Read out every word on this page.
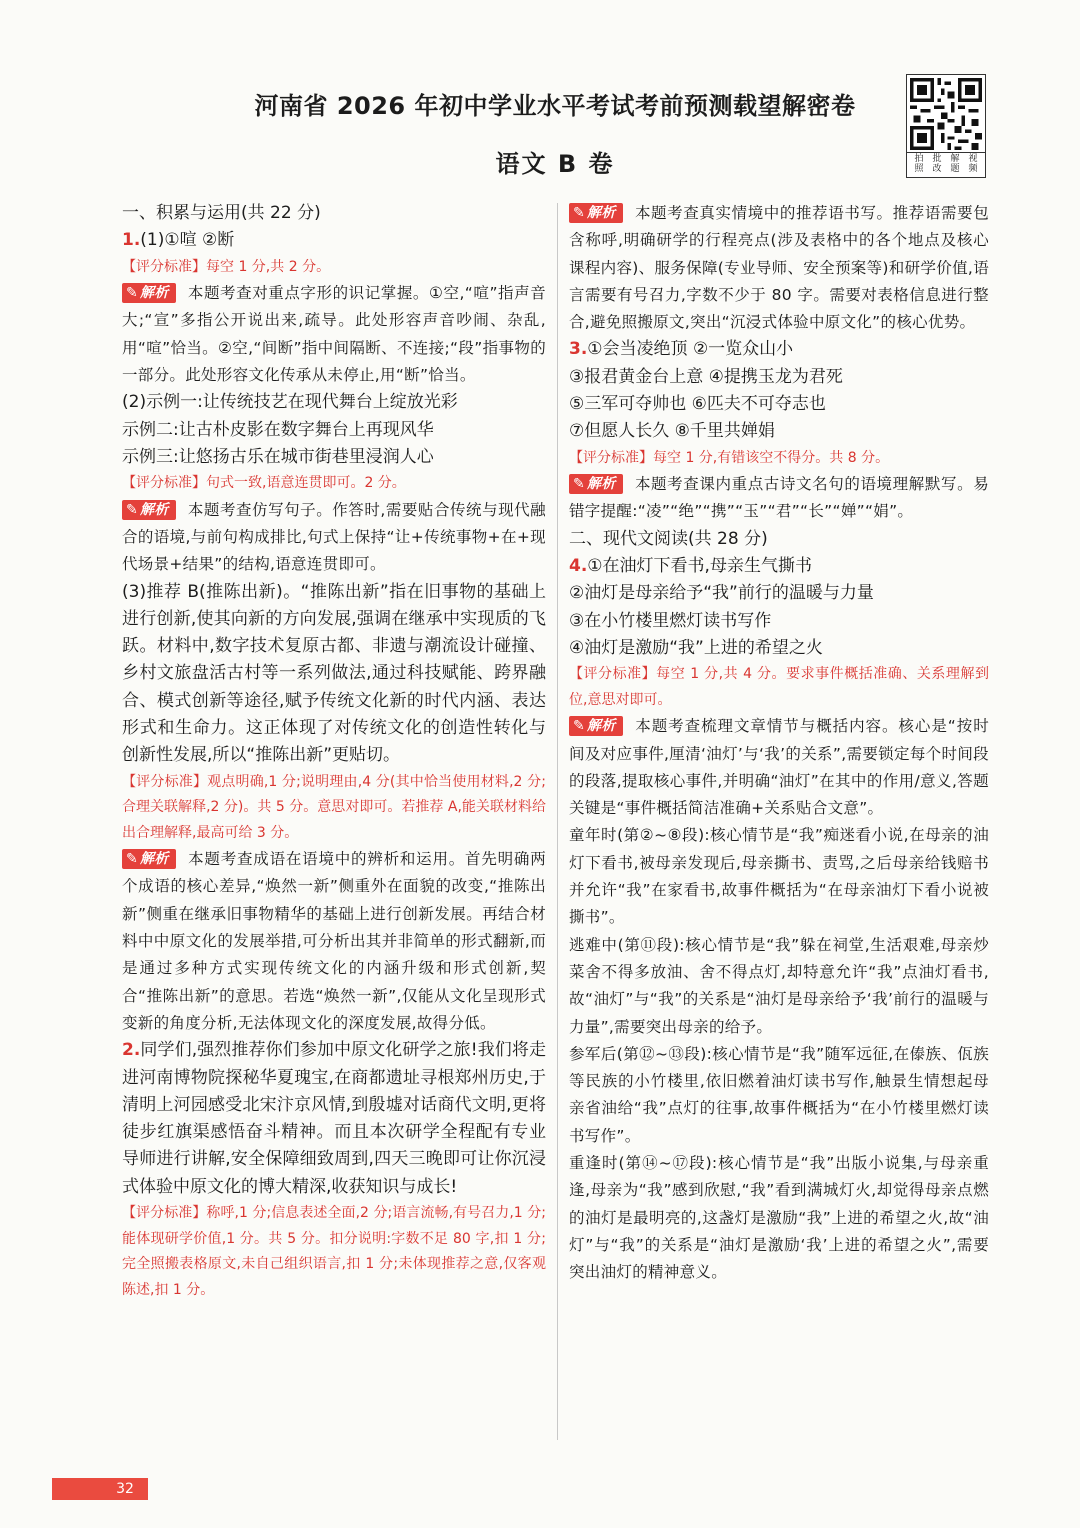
河南省 2026 年初中学业水平考试考前预测载望解密卷
语文 B 卷	拍照
批改
解题
视频

一、积累与运用(共 22 分)

1.(1)①喧 ②断

【评分标准】每空 1 分,共 2 分。

✎ 解析 本题考查对重点字形的识记掌握。①空,“喧”指声音大;“宣”多指公开说出来,疏导。此处形容声音吵闹、杂乱,用“喧”恰当。②空,“间断”指中间隔断、不连接;“段”指事物的一部分。此处形容文化传承从未停止,用“断”恰当。

(2)示例一:让传统技艺在现代舞台上绽放光彩

示例二:让古朴皮影在数字舞台上再现风华

示例三:让悠扬古乐在城市街巷里浸润人心

【评分标准】句式一致,语意连贯即可。2 分。

✎ 解析 本题考查仿写句子。作答时,需要贴合传统与现代融合的语境,与前句构成排比,句式上保持“让+传统事物+在+现代场景+结果”的结构,语意连贯即可。

(3)推荐 B(推陈出新)。“推陈出新”指在旧事物的基础上进行创新,使其向新的方向发展,强调在继承中实现质的飞跃。材料中,数字技术复原古都、非遗与潮流设计碰撞、乡村文旅盘活古村等一系列做法,通过科技赋能、跨界融合、模式创新等途径,赋予传统文化新的时代内涵、表达形式和生命力。这正体现了对传统文化的创造性转化与创新性发展,所以“推陈出新”更贴切。

【评分标准】观点明确,1 分;说明理由,4 分(其中恰当使用材料,2 分;合理关联解释,2 分)。共 5 分。意思对即可。若推荐 A,能关联材料给出合理解释,最高可给 3 分。

✎ 解析 本题考查成语在语境中的辨析和运用。首先明确两个成语的核心差异,“焕然一新”侧重外在面貌的改变,“推陈出新”侧重在继承旧事物精华的基础上进行创新发展。再结合材料中中原文化的发展举措,可分析出其并非简单的形式翻新,而是通过多种方式实现传统文化的内涵升级和形式创新,契合“推陈出新”的意思。若选“焕然一新”,仅能从文化呈现形式变新的角度分析,无法体现文化的深度发展,故得分低。

2.同学们,强烈推荐你们参加中原文化研学之旅!我们将走进河南博物院探秘华夏瑰宝,在商都遗址寻根郑州历史,于清明上河园感受北宋汴京风情,到殷墟对话商代文明,更将徒步红旗渠感悟奋斗精神。而且本次研学全程配有专业导师进行讲解,安全保障细致周到,四天三晚即可让你沉浸式体验中原文化的博大精深,收获知识与成长!

【评分标准】称呼,1 分;信息表述全面,2 分;语言流畅,有号召力,1 分;能体现研学价值,1 分。共 5 分。扣分说明:字数不足 80 字,扣 1 分;完全照搬表格原文,未自己组织语言,扣 1 分;未体现推荐之意,仅客观陈述,扣 1 分。

✎ 解析 本题考查真实情境中的推荐语书写。推荐语需要包含称呼,明确研学的行程亮点(涉及表格中的各个地点及核心课程内容)、服务保障(专业导师、安全预案等)和研学价值,语言需要有号召力,字数不少于 80 字。需要对表格信息进行整合,避免照搬原文,突出“沉浸式体验中原文化”的核心优势。

3.①会当凌绝顶 ②一览众山小

③报君黄金台上意 ④提携玉龙为君死

⑤三军可夺帅也 ⑥匹夫不可夺志也

⑦但愿人长久 ⑧千里共婵娟

【评分标准】每空 1 分,有错该空不得分。共 8 分。

✎ 解析 本题考查课内重点古诗文名句的语境理解默写。易错字提醒:“凌”“绝”“携”“玉”“君”“长”“婵”“娟”。

二、现代文阅读(共 28 分)

4.①在油灯下看书,母亲生气撕书

②油灯是母亲给予“我”前行的温暖与力量

③在小竹楼里燃灯读书写作

④油灯是激励“我”上进的希望之火

【评分标准】每空 1 分,共 4 分。要求事件概括准确、关系理解到位,意思对即可。

✎ 解析 本题考查梳理文章情节与概括内容。核心是“按时间及对应事件,厘清‘油灯’与‘我’的关系”,需要锁定每个时间段的段落,提取核心事件,并明确“油灯”在其中的作用/意义,答题关键是“事件概括简洁准确+关系贴合文意”。

童年时(第②~⑧段):核心情节是“我”痴迷看小说,在母亲的油灯下看书,被母亲发现后,母亲撕书、责骂,之后母亲给钱赔书并允许“我”在家看书,故事件概括为“在母亲油灯下看小说被撕书”。

逃难中(第⑪段):核心情节是“我”躲在祠堂,生活艰难,母亲炒菜舍不得多放油、舍不得点灯,却特意允许“我”点油灯看书,故“油灯”与“我”的关系是“油灯是母亲给予‘我’前行的温暖与力量”,需要突出母亲的给予。

参军后(第⑫~⑬段):核心情节是“我”随军远征,在傣族、佤族等民族的小竹楼里,依旧燃着油灯读书写作,触景生情想起母亲省油给“我”点灯的往事,故事件概括为“在小竹楼里燃灯读书写作”。

重逢时(第⑭~⑰段):核心情节是“我”出版小说集,与母亲重逢,母亲为“我”感到欣慰,“我”看到满城灯火,却觉得母亲点燃的油灯是最明亮的,这盏灯是激励“我”上进的希望之火,故“油灯”与“我”的关系是“油灯是激励‘我’上进的希望之火”,需要突出油灯的精神意义。

32
